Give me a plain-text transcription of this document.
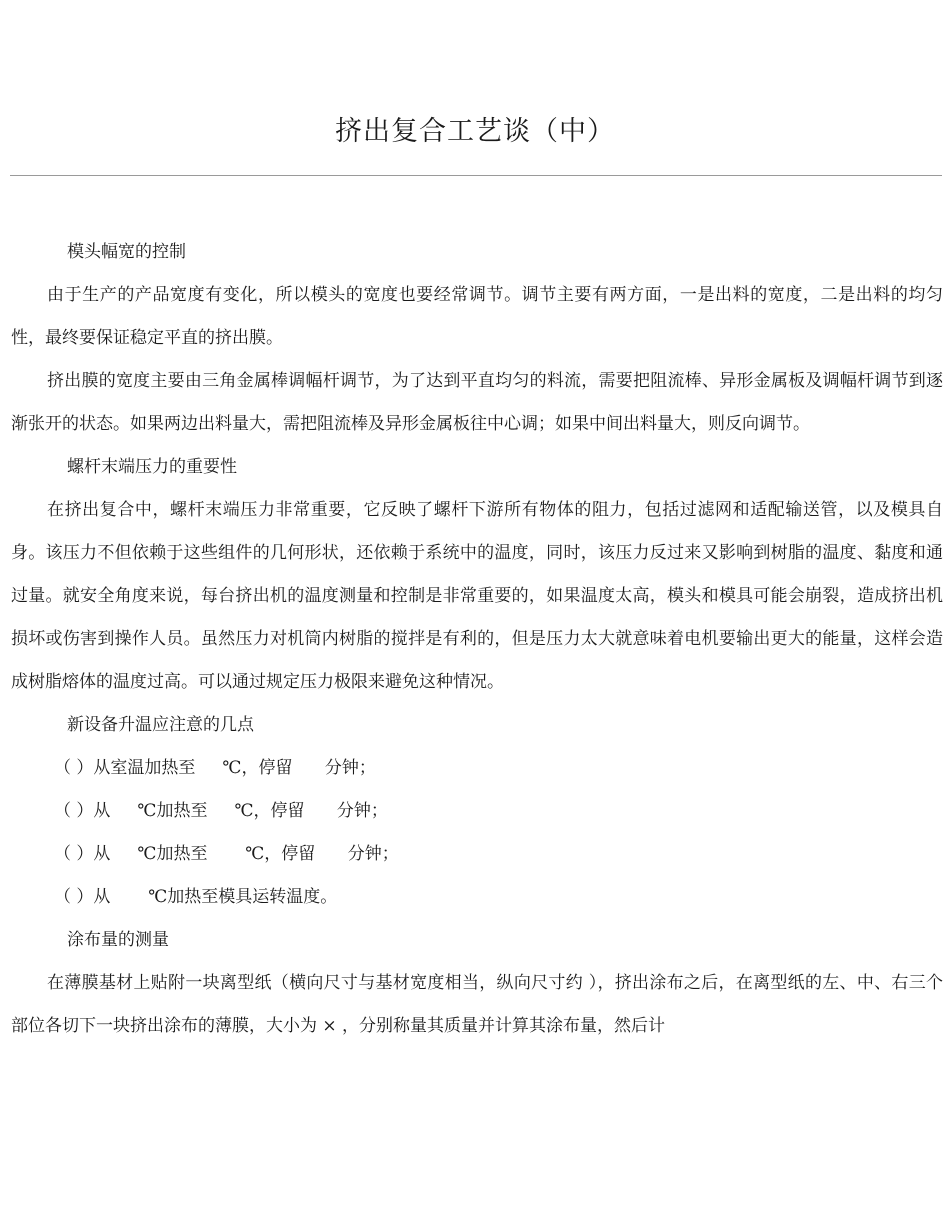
挤出复合工艺谈（中）

模头幅宽的控制

由于生产的产品宽度有变化，所以模头的宽度也要经常调节。调节主要有两方面，一是出料的宽度，二是出料的均匀性，最终要保证稳定平直的挤出膜。

挤出膜的宽度主要由三角金属棒调幅杆调节，为了达到平直均匀的料流，需要把阻流棒、异形金属板及调幅杆调节到逐渐张开的状态。如果两边出料量大，需把阻流棒及异形金属板往中心调；如果中间出料量大，则反向调节。

螺杆末端压力的重要性

在挤出复合中，螺杆末端压力非常重要，它反映了螺杆下游所有物体的阻力，包括过滤网和适配输送管，以及模具自身。该压力不但依赖于这些组件的几何形状，还依赖于系统中的温度，同时，该压力反过来又影响到树脂的温度、黏度和通过量。就安全角度来说，每台挤出机的温度测量和控制是非常重要的，如果温度太高，模头和模具可能会崩裂，造成挤出机损坏或伤害到操作人员。虽然压力对机筒内树脂的搅拌是有利的，但是压力太大就意味着电机要输出更大的能量，这样会造成树脂熔体的温度过高。可以通过规定压力极限来避免这种情况。

新设备升温应注意的几点

（ ）从室温加热至     ℃，停留      分钟；

（ ）从     ℃加热至     ℃，停留      分钟；

（ ）从     ℃加热至       ℃，停留      分钟；

（ ）从       ℃加热至模具运转温度。

涂布量的测量

在薄膜基材上贴附一块离型纸（横向尺寸与基材宽度相当，纵向尺寸约 ），挤出涂布之后，在离型纸的左、中、右三个部位各切下一块挤出涂布的薄膜，大小为 × ，分别称量其质量并计算其涂布量，然后计
